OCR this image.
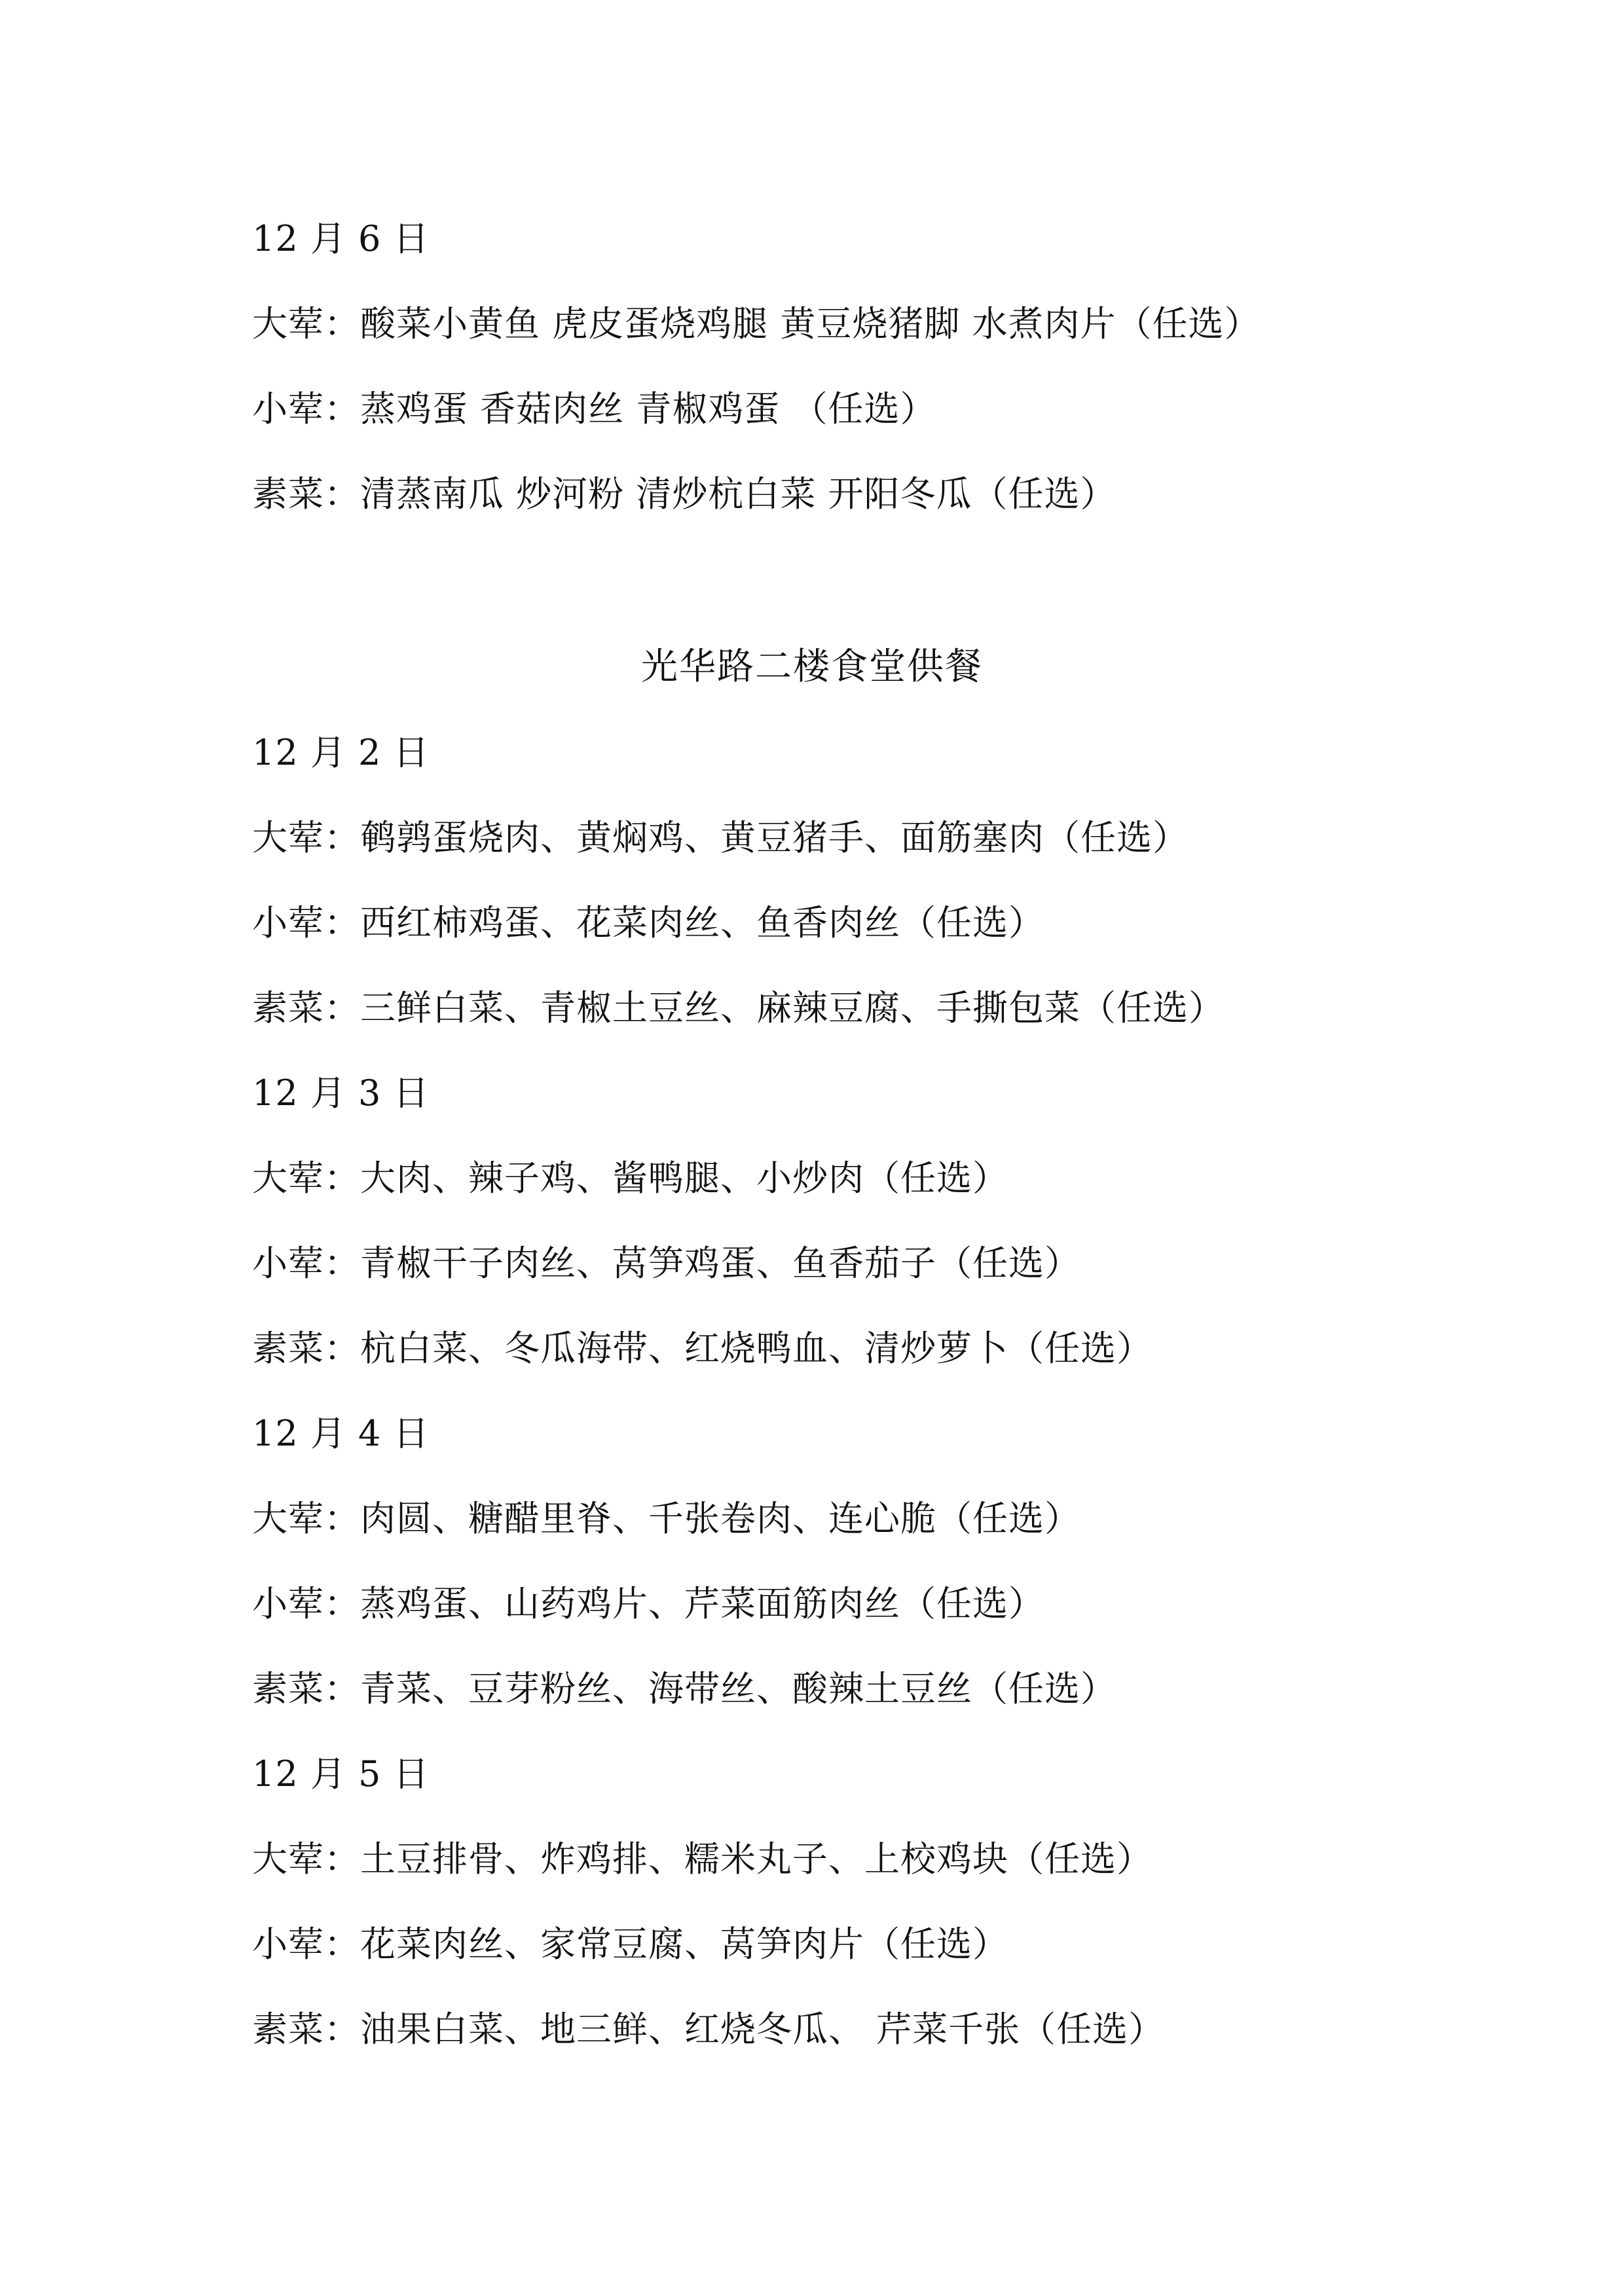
12 月 6 日
大荤：酸菜小黄鱼 虎皮蛋烧鸡腿 黄豆烧猪脚 水煮肉片（任选）
小荤：蒸鸡蛋 香菇肉丝 青椒鸡蛋 （任选）
素菜：清蒸南瓜 炒河粉 清炒杭白菜 开阳冬瓜（任选）
光华路二楼食堂供餐
12 月 2 日
大荤：鹌鹑蛋烧肉、黄焖鸡、黄豆猪手、面筋塞肉（任选）
小荤：西红柿鸡蛋、花菜肉丝、鱼香肉丝（任选）
素菜：三鲜白菜、青椒土豆丝、麻辣豆腐、手撕包菜（任选）
12 月 3 日
大荤：大肉、辣子鸡、酱鸭腿、小炒肉（任选）
小荤：青椒干子肉丝、莴笋鸡蛋、鱼香茄子（任选）
素菜：杭白菜、冬瓜海带、红烧鸭血、清炒萝卜（任选）
12 月 4 日
大荤：肉圆、糖醋里脊、千张卷肉、连心脆（任选）
小荤：蒸鸡蛋、山药鸡片、芹菜面筋肉丝（任选）
素菜：青菜、豆芽粉丝、海带丝、酸辣土豆丝（任选）
12 月 5 日
大荤：土豆排骨、炸鸡排、糯米丸子、上校鸡块（任选）
小荤：花菜肉丝、家常豆腐、莴笋肉片（任选）
素菜：油果白菜、地三鲜、红烧冬瓜、 芹菜千张（任选）
